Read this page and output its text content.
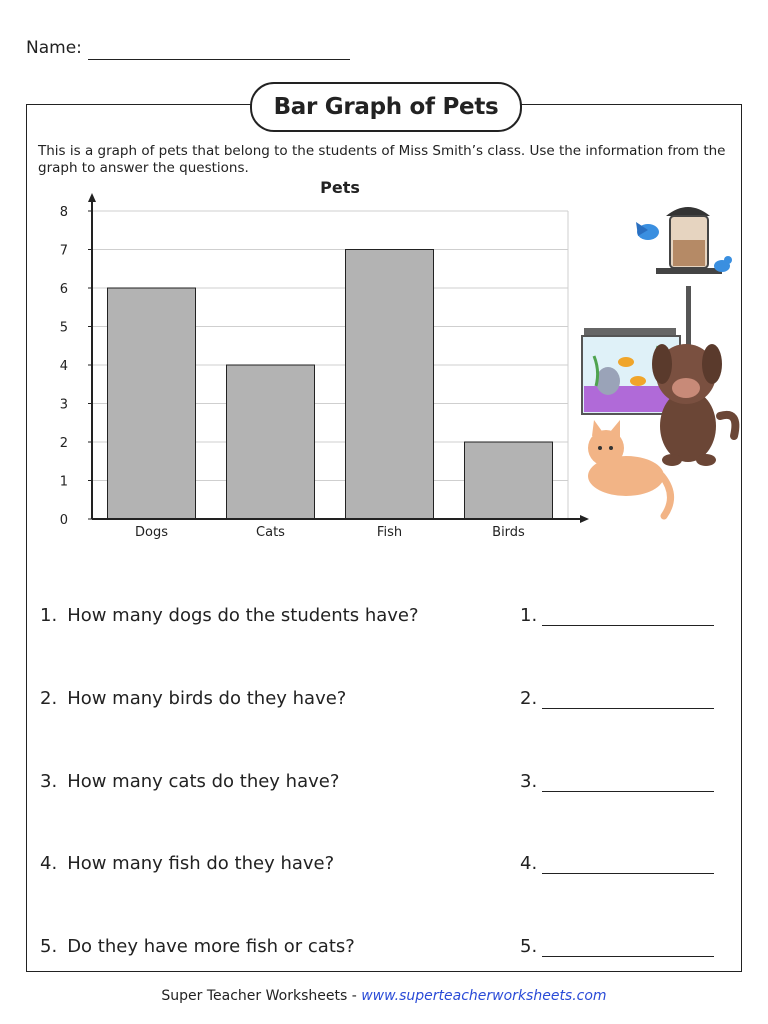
Name:
Bar Graph of Pets
This is a graph of pets that belong to the students of Miss Smith’s class. Use the information from the graph to answer the questions.
Pets
0
1
2
3
4
5
6
7
8
Dogs	Cats	Fish	Birds
1. How many dogs do the students have?	1.
2. How many birds do they have?	2.
3. How many cats do they have?	3.
4. How many fish do they have?	4.
5. Do they have more fish or cats?	5.
Super Teacher Worksheets - www.superteacherworksheets.com
